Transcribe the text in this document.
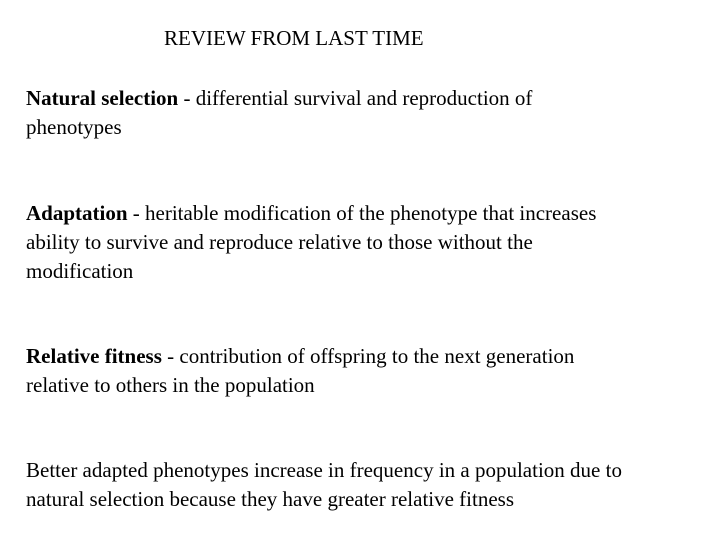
REVIEW FROM LAST TIME
Natural selection - differential survival and reproduction of
phenotypes
Adaptation - heritable modification of the phenotype that increases
ability to survive and reproduce relative to those without the
modification
Relative fitness - contribution of offspring to the next generation
relative to others in the population
Better adapted phenotypes increase in frequency in a population due to
natural selection because they have greater relative fitness
